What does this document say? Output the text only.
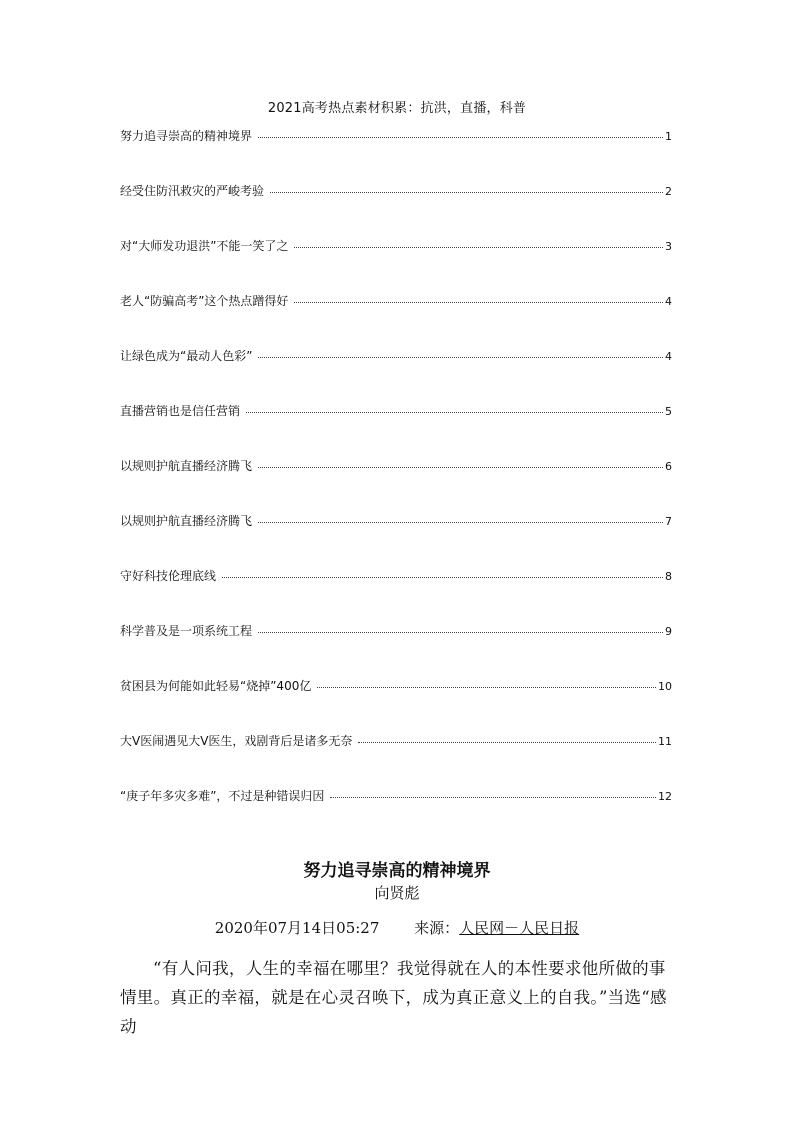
2021高考热点素材积累：抗洪，直播，科普
努力追寻崇高的精神境界	1
经受住防汛救灾的严峻考验	2
对“大师发功退洪”不能一笑了之	3
老人“防骗高考”这个热点蹭得好	4
让绿色成为“最动人色彩”	4
直播营销也是信任营销	5
以规则护航直播经济腾飞	6
以规则护航直播经济腾飞	7
守好科技伦理底线	8
科学普及是一项系统工程	9
贫困县为何能如此轻易“烧掉”400亿	10
大V医闹遇见大V医生，戏剧背后是诸多无奈	11
“庚子年多灾多难”，不过是种错误归因	12
努力追寻崇高的精神境界
向贤彪
2020年07月14日05:27 来源：人民网－人民日报
“有人问我，人生的幸福在哪里？我觉得就在人的本性要求他所做的事情里。真正的幸福，就是在心灵召唤下，成为真正意义上的自我。”当选“感动
